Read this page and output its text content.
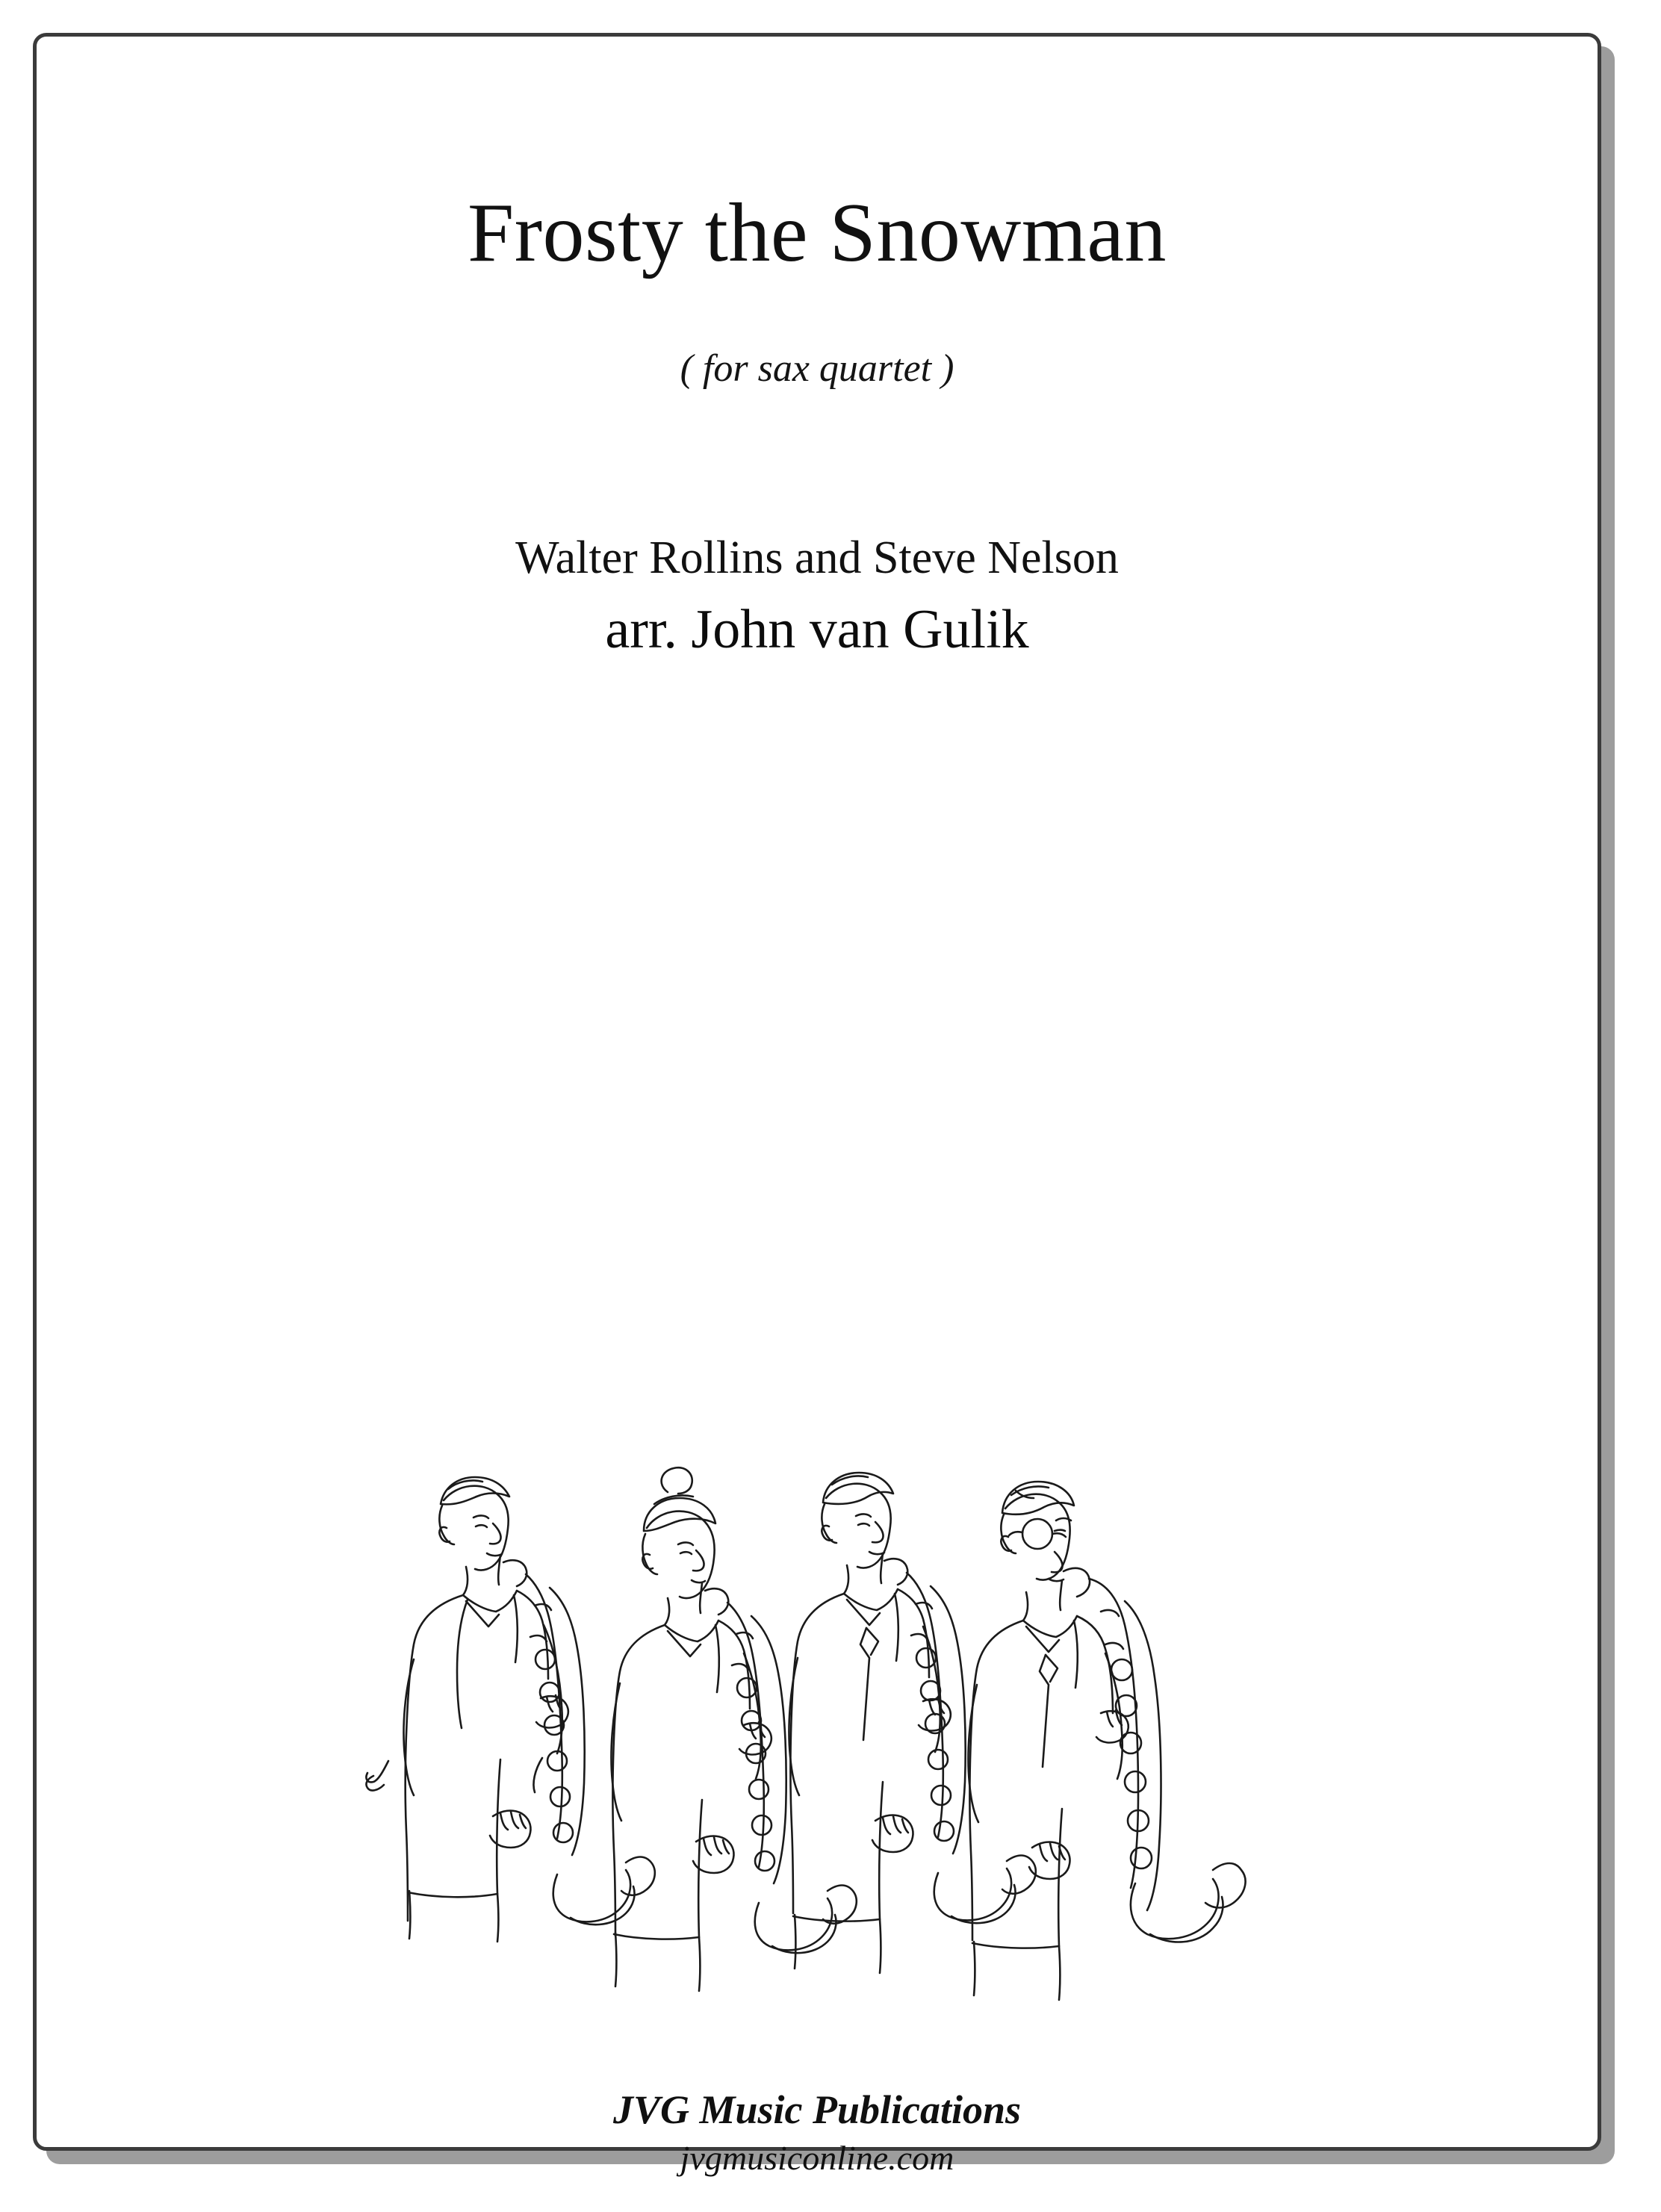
Frosty the Snowman
( for sax quartet )
Walter Rollins and Steve Nelson
arr. John van Gulik
JVG Music Publications
jvgmusiconline.com
